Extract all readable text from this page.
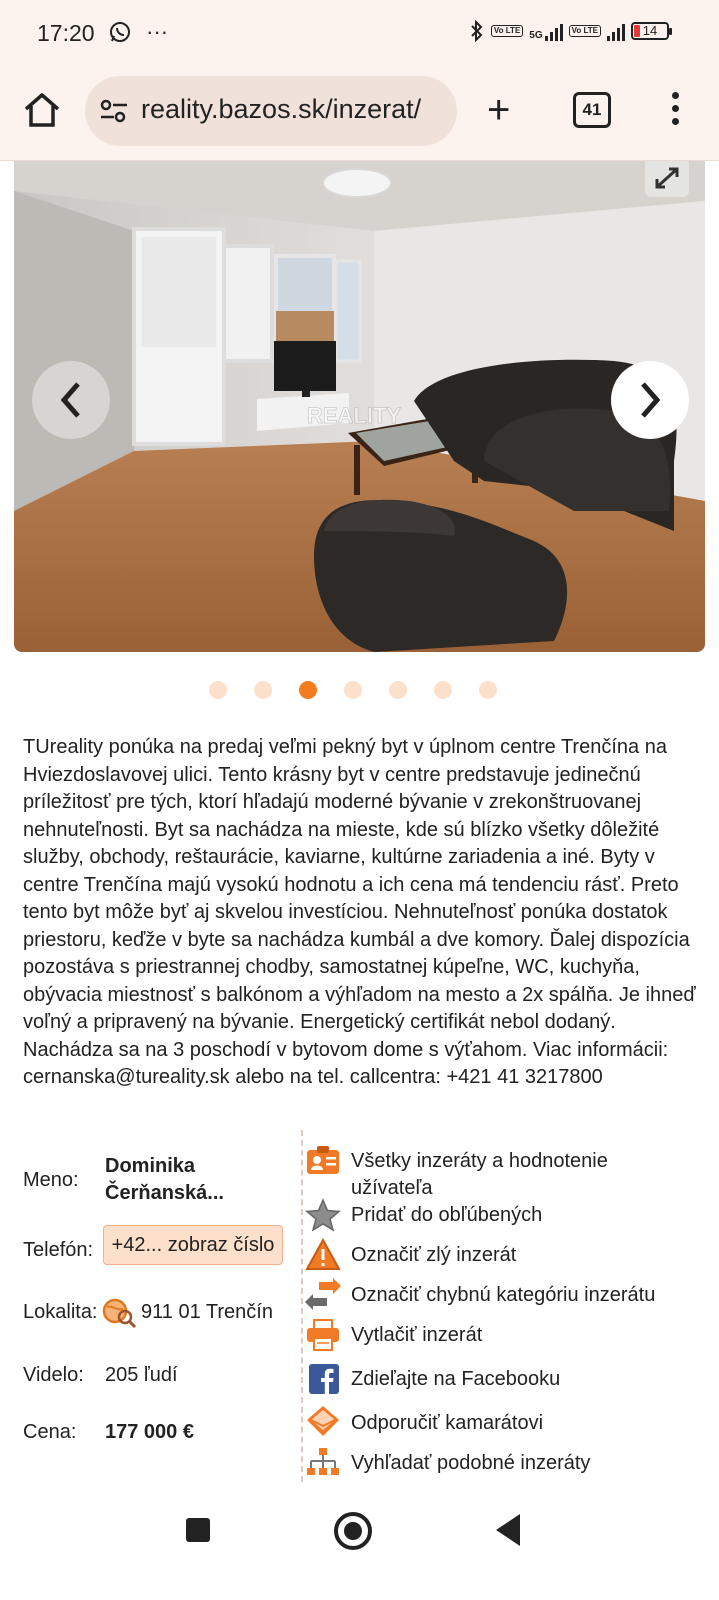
17:20	···	Vo LTE 5G	Vo LTE	14
reality.bazos.sk/inzerat/	+	41
REALITY
TUreality ponúka na predaj veľmi pekný byt v úplnom centre Trenčína na Hviezdoslavovej ulici. Tento krásny byt v centre predstavuje jedinečnú príležitosť pre tých, ktorí hľadajú moderné bývanie v zrekonštruovanej nehnuteľnosti. Byt sa nachádza na mieste, kde sú blízko všetky dôležité služby, obchody, reštaurácie, kaviarne, kultúrne zariadenia a iné. Byty v centre Trenčína majú vysokú hodnotu a ich cena má tendenciu rásť. Preto tento byt môže byť aj skvelou investíciou. Nehnuteľnosť ponúka dostatok priestoru, keďže v byte sa nachádza kumbál a dve komory. Ďalej dispozícia pozostáva s priestrannej chodby, samostatnej kúpeľne, WC, kuchyňa, obývacia miestnosť s balkónom a výhľadom na mesto a 2x spálňa. Je ihneď voľný a pripravený na bývanie. Energetický certifikát nebol dodaný. Nachádza sa na 3 poschodí v bytovom dome s výťahom. Viac informácii: cernanska@tureality.sk alebo na tel. callcentra: +421 41 3217800
Meno:
Dominika
Čerňanská...
Telefón: +42... zobraz číslo
Lokalita: 911 01 Trenčín
Videlo: 205 ľudí
Cena: 177 000 €
Všetky inzeráty a hodnotenie užívateľa
Pridať do obľúbených
Označiť zlý inzerát
Označiť chybnú kategóriu inzerátu
Vytlačiť inzerát
Zdieľajte na Facebooku
Odporučiť kamarátovi
Vyhľadať podobné inzeráty
